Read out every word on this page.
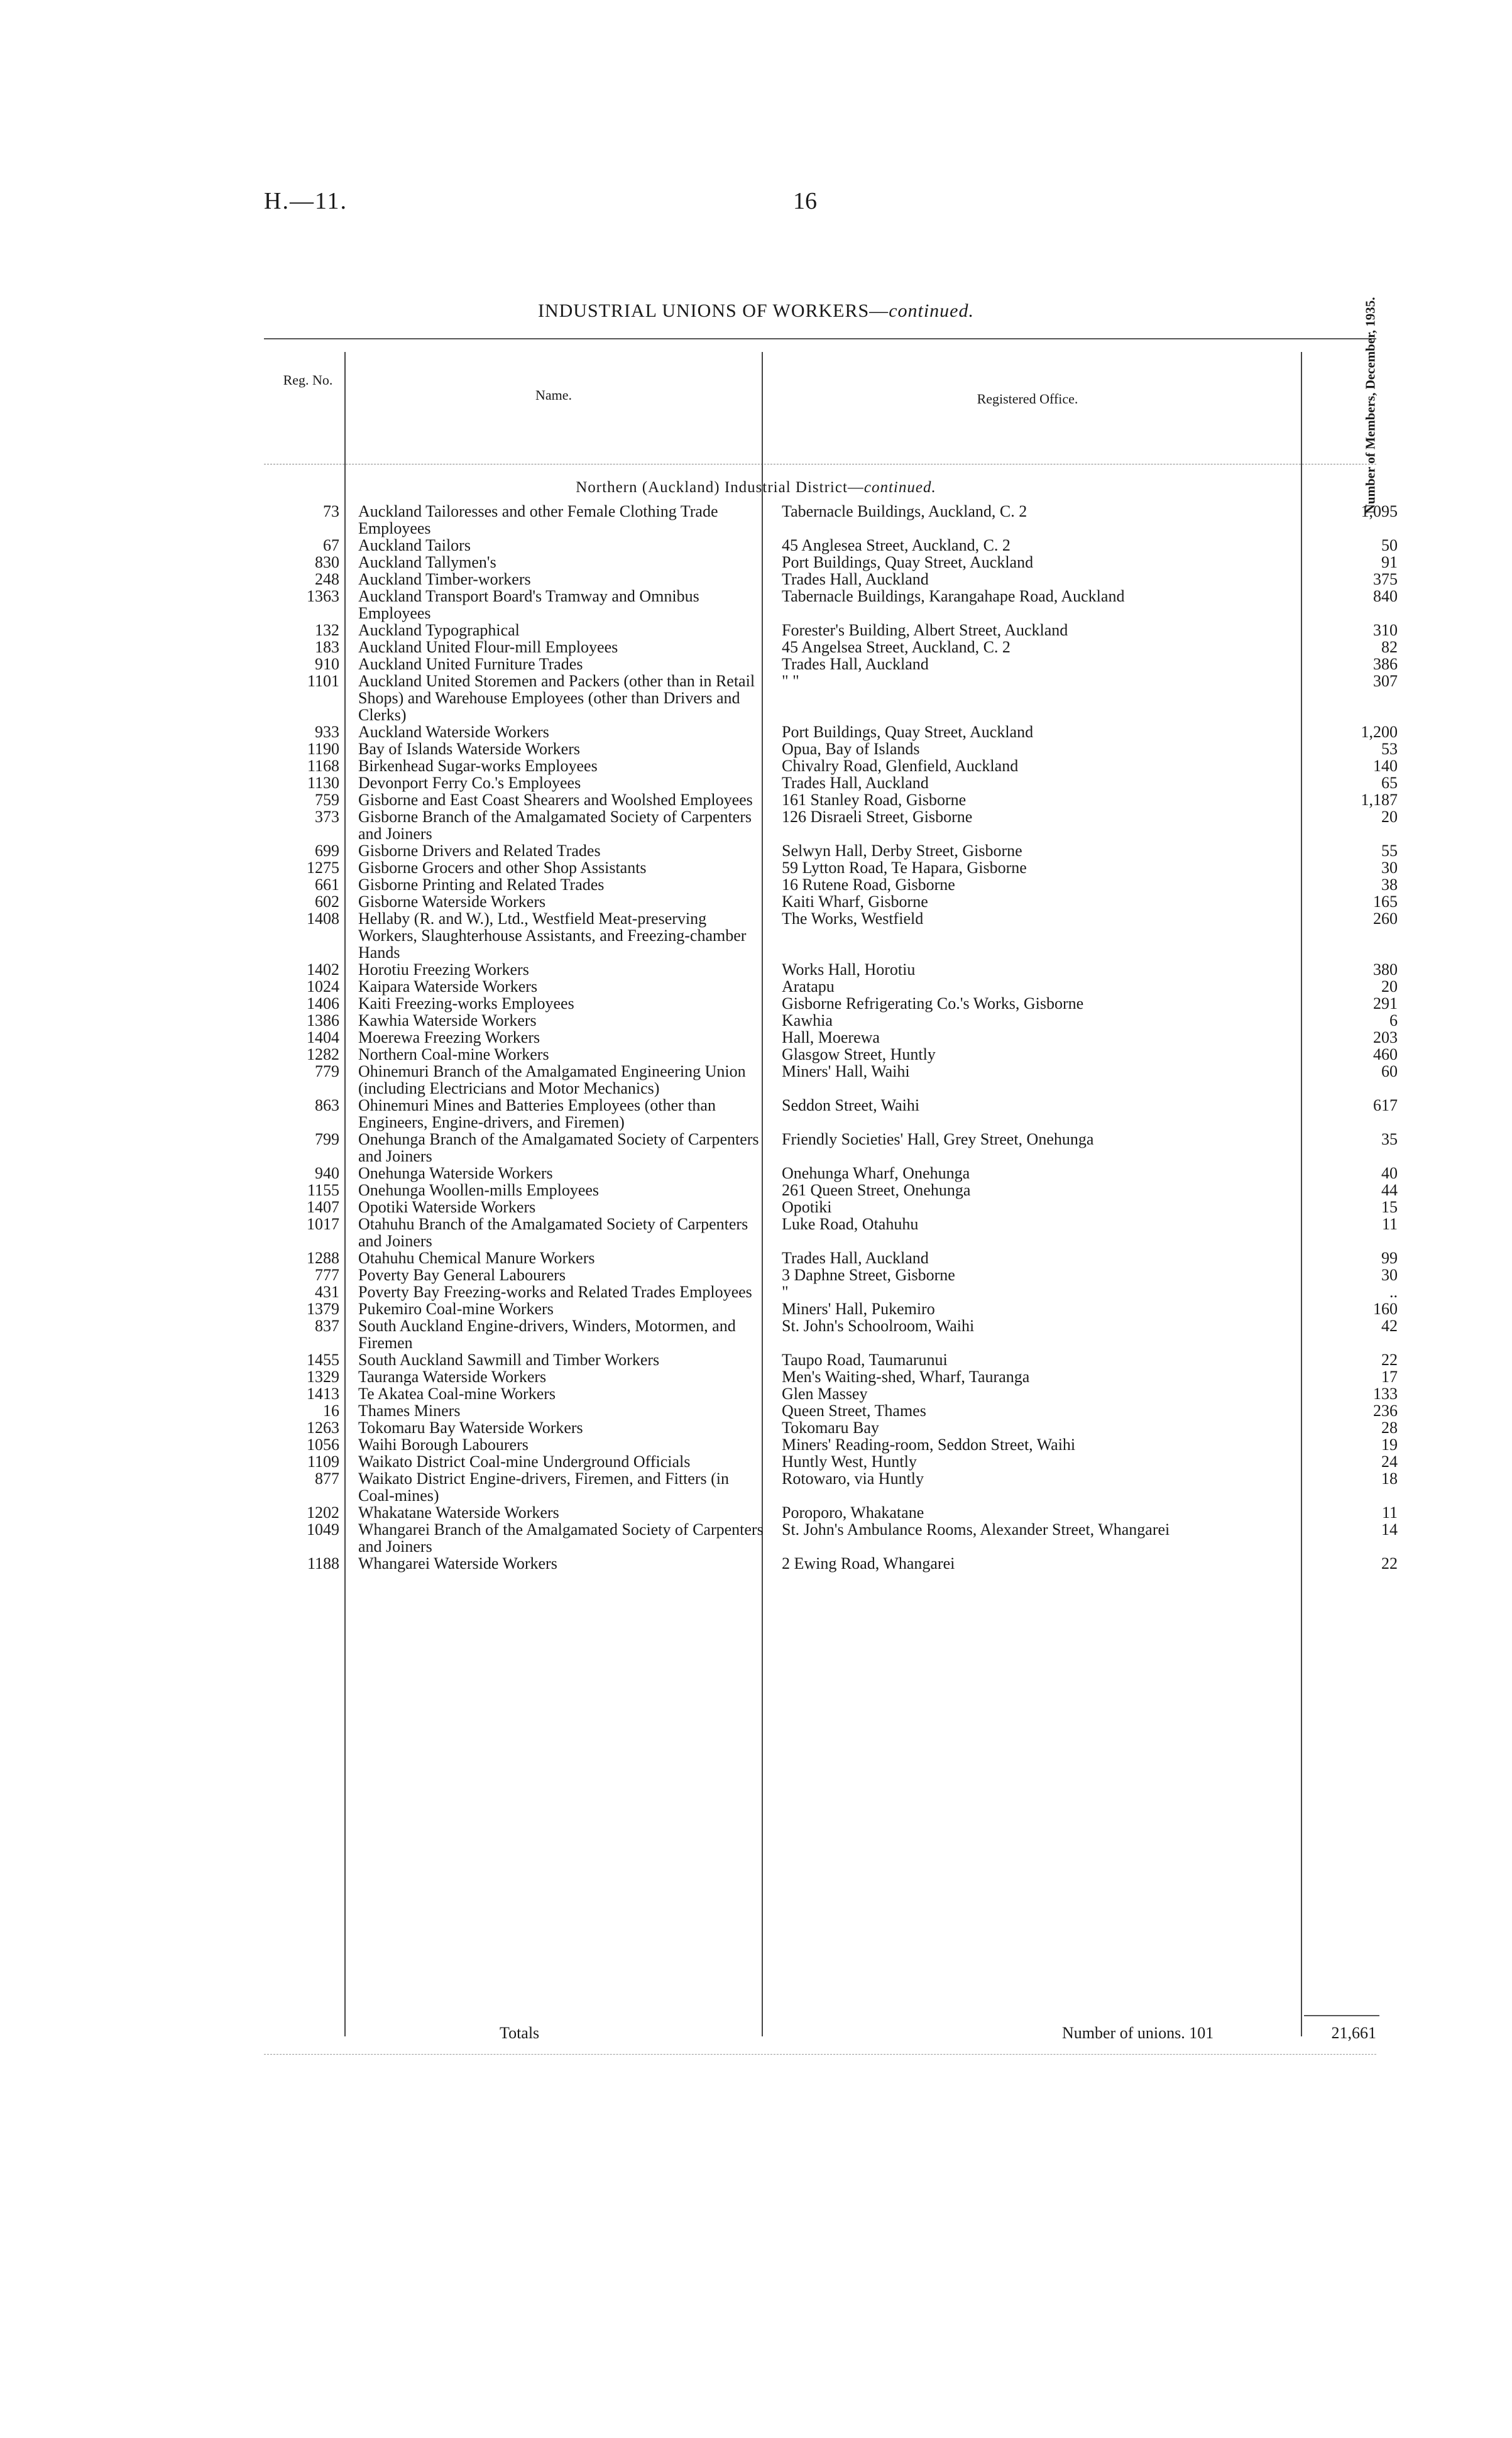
H.—11.	16
INDUSTRIAL UNIONS OF WORKERS—continued.
Reg. No.
Name.	Registered Office.	Number of Members, December, 1935.
Northern (Auckland) Industrial District—continued.
73	Auckland Tailoresses and other Female Clothing Trade Employees	Tabernacle Buildings, Auckland, C. 2	1,095
67	Auckland Tailors	45 Anglesea Street, Auckland, C. 2	50
830	Auckland Tallymen's	Port Buildings, Quay Street, Auckland	91
248	Auckland Timber-workers	Trades Hall, Auckland	375
1363	Auckland Transport Board's Tramway and Omnibus Employees	Tabernacle Buildings, Karangahape Road, Auckland	840
132	Auckland Typographical	Forester's Building, Albert Street, Auckland	310
183	Auckland United Flour-mill Employees	45 Angelsea Street, Auckland, C. 2	82
910	Auckland United Furniture Trades	Trades Hall, Auckland	386
1101	Auckland United Storemen and Packers (other than in Retail Shops) and Warehouse Employees (other than Drivers and Clerks)	" "	307
933	Auckland Waterside Workers	Port Buildings, Quay Street, Auckland	1,200
1190	Bay of Islands Waterside Workers	Opua, Bay of Islands	53
1168	Birkenhead Sugar-works Employees	Chivalry Road, Glenfield, Auckland	140
1130	Devonport Ferry Co.'s Employees	Trades Hall, Auckland	65
759	Gisborne and East Coast Shearers and Woolshed Employees	161 Stanley Road, Gisborne	1,187
373	Gisborne Branch of the Amalgamated Society of Carpenters and Joiners	126 Disraeli Street, Gisborne	20
699	Gisborne Drivers and Related Trades	Selwyn Hall, Derby Street, Gisborne	55
1275	Gisborne Grocers and other Shop Assistants	59 Lytton Road, Te Hapara, Gisborne	30
661	Gisborne Printing and Related Trades	16 Rutene Road, Gisborne	38
602	Gisborne Waterside Workers	Kaiti Wharf, Gisborne	165
1408	Hellaby (R. and W.), Ltd., Westfield Meat-preserving Workers, Slaughterhouse Assistants, and Freezing-chamber Hands	The Works, Westfield	260
1402	Horotiu Freezing Workers	Works Hall, Horotiu	380
1024	Kaipara Waterside Workers	Aratapu	20
1406	Kaiti Freezing-works Employees	Gisborne Refrigerating Co.'s Works, Gisborne	291
1386	Kawhia Waterside Workers	Kawhia	6
1404	Moerewa Freezing Workers	Hall, Moerewa	203
1282	Northern Coal-mine Workers	Glasgow Street, Huntly	460
779	Ohinemuri Branch of the Amalgamated Engineering Union (including Electricians and Motor Mechanics)	Miners' Hall, Waihi	60
863	Ohinemuri Mines and Batteries Employees (other than Engineers, Engine-drivers, and Firemen)	Seddon Street, Waihi	617
799	Onehunga Branch of the Amalgamated Society of Carpenters and Joiners	Friendly Societies' Hall, Grey Street, Onehunga	35
940	Onehunga Waterside Workers	Onehunga Wharf, Onehunga	40
1155	Onehunga Woollen-mills Employees	261 Queen Street, Onehunga	44
1407	Opotiki Waterside Workers	Opotiki	15
1017	Otahuhu Branch of the Amalgamated Society of Carpenters and Joiners	Luke Road, Otahuhu	11
1288	Otahuhu Chemical Manure Workers	Trades Hall, Auckland	99
777	Poverty Bay General Labourers	3 Daphne Street, Gisborne	30
431	Poverty Bay Freezing-works and Related Trades Employees	"	..
1379	Pukemiro Coal-mine Workers	Miners' Hall, Pukemiro	160
837	South Auckland Engine-drivers, Winders, Motormen, and Firemen	St. John's Schoolroom, Waihi	42
1455	South Auckland Sawmill and Timber Workers	Taupo Road, Taumarunui	22
1329	Tauranga Waterside Workers	Men's Waiting-shed, Wharf, Tauranga	17
1413	Te Akatea Coal-mine Workers	Glen Massey	133
16	Thames Miners	Queen Street, Thames	236
1263	Tokomaru Bay Waterside Workers	Tokomaru Bay	28
1056	Waihi Borough Labourers	Miners' Reading-room, Seddon Street, Waihi	19
1109	Waikato District Coal-mine Underground Officials	Huntly West, Huntly	24
877	Waikato District Engine-drivers, Firemen, and Fitters (in Coal-mines)	Rotowaro, via Huntly	18
1202	Whakatane Waterside Workers	Poroporo, Whakatane	11
1049	Whangarei Branch of the Amalgamated Society of Carpenters and Joiners	St. John's Ambulance Rooms, Alexander Street, Whangarei	14
1188	Whangarei Waterside Workers	2 Ewing Road, Whangarei	22
Totals	Number of unions. 101	21,661
